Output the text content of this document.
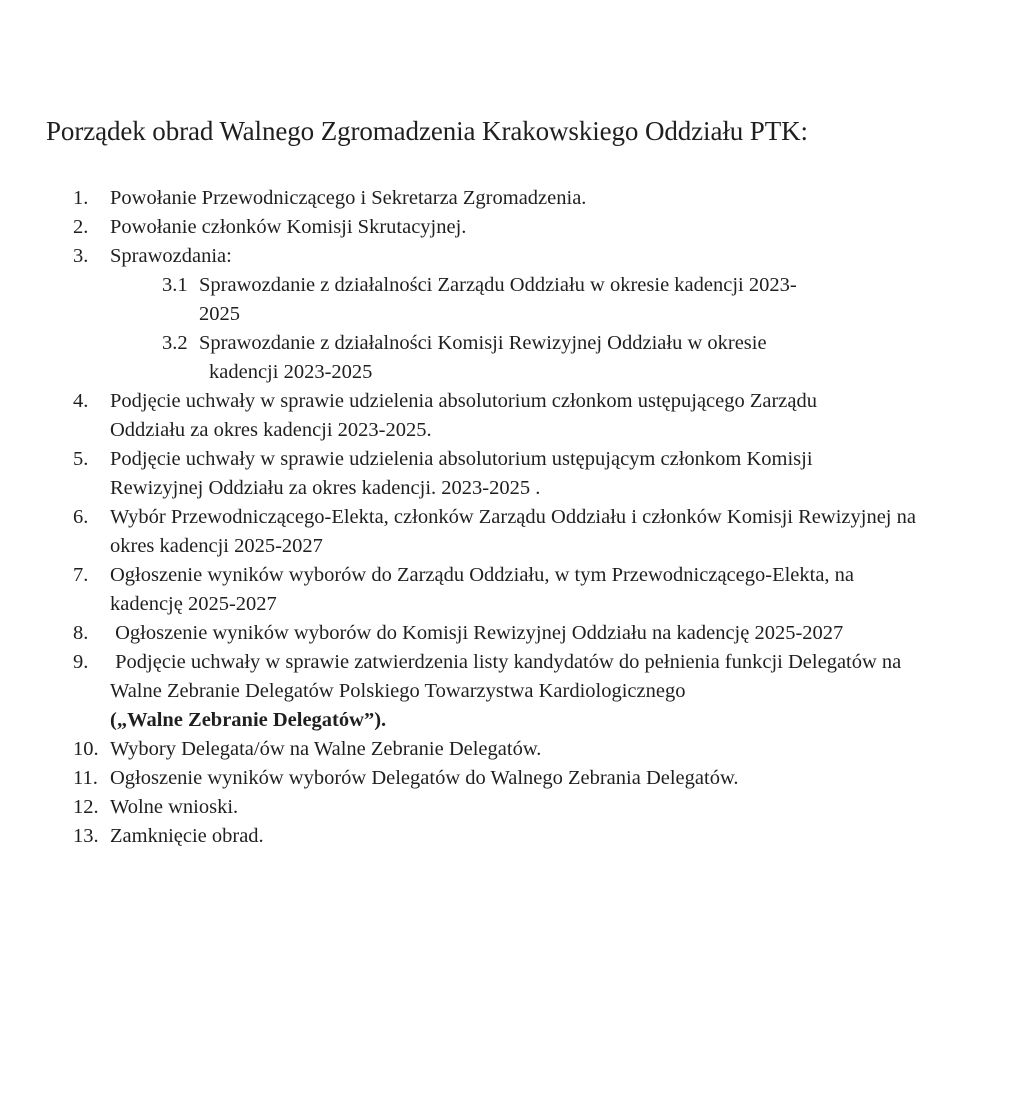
Porządek obrad Walnego Zgromadzenia Krakowskiego Oddziału PTK:
1.	Powołanie Przewodniczącego i Sekretarza Zgromadzenia.
2.	Powołanie członków Komisji Skrutacyjnej.
3.	Sprawozdania:
3.1 Sprawozdanie z działalności Zarządu Oddziału w okresie kadencji 2023-
2025
3.2 Sprawozdanie z działalności Komisji Rewizyjnej Oddziału w okresie
kadencji 2023-2025
4.	Podjęcie uchwały w sprawie udzielenia absolutorium członkom ustępującego Zarządu Oddziału za okres kadencji 2023-2025.
5.	Podjęcie uchwały w sprawie udzielenia absolutorium ustępującym członkom Komisji Rewizyjnej Oddziału za okres kadencji. 2023-2025 .
6.	Wybór Przewodniczącego-Elekta, członków Zarządu Oddziału i członków Komisji Rewizyjnej na okres kadencji 2025-2027
7.	Ogłoszenie wyników wyborów do Zarządu Oddziału, w tym Przewodniczącego-Elekta, na kadencję 2025-2027
8.	Ogłoszenie wyników wyborów do Komisji Rewizyjnej Oddziału na kadencję 2025-2027
9.	Podjęcie uchwały w sprawie zatwierdzenia listy kandydatów do pełnienia funkcji Delegatów na Walne Zebranie Delegatów Polskiego Towarzystwa Kardiologicznego
(„Walne Zebranie Delegatów”).
10. Wybory Delegata/ów na Walne Zebranie Delegatów.
11. Ogłoszenie wyników wyborów Delegatów do Walnego Zebrania Delegatów.
12. Wolne wnioski.
13. Zamknięcie obrad.
